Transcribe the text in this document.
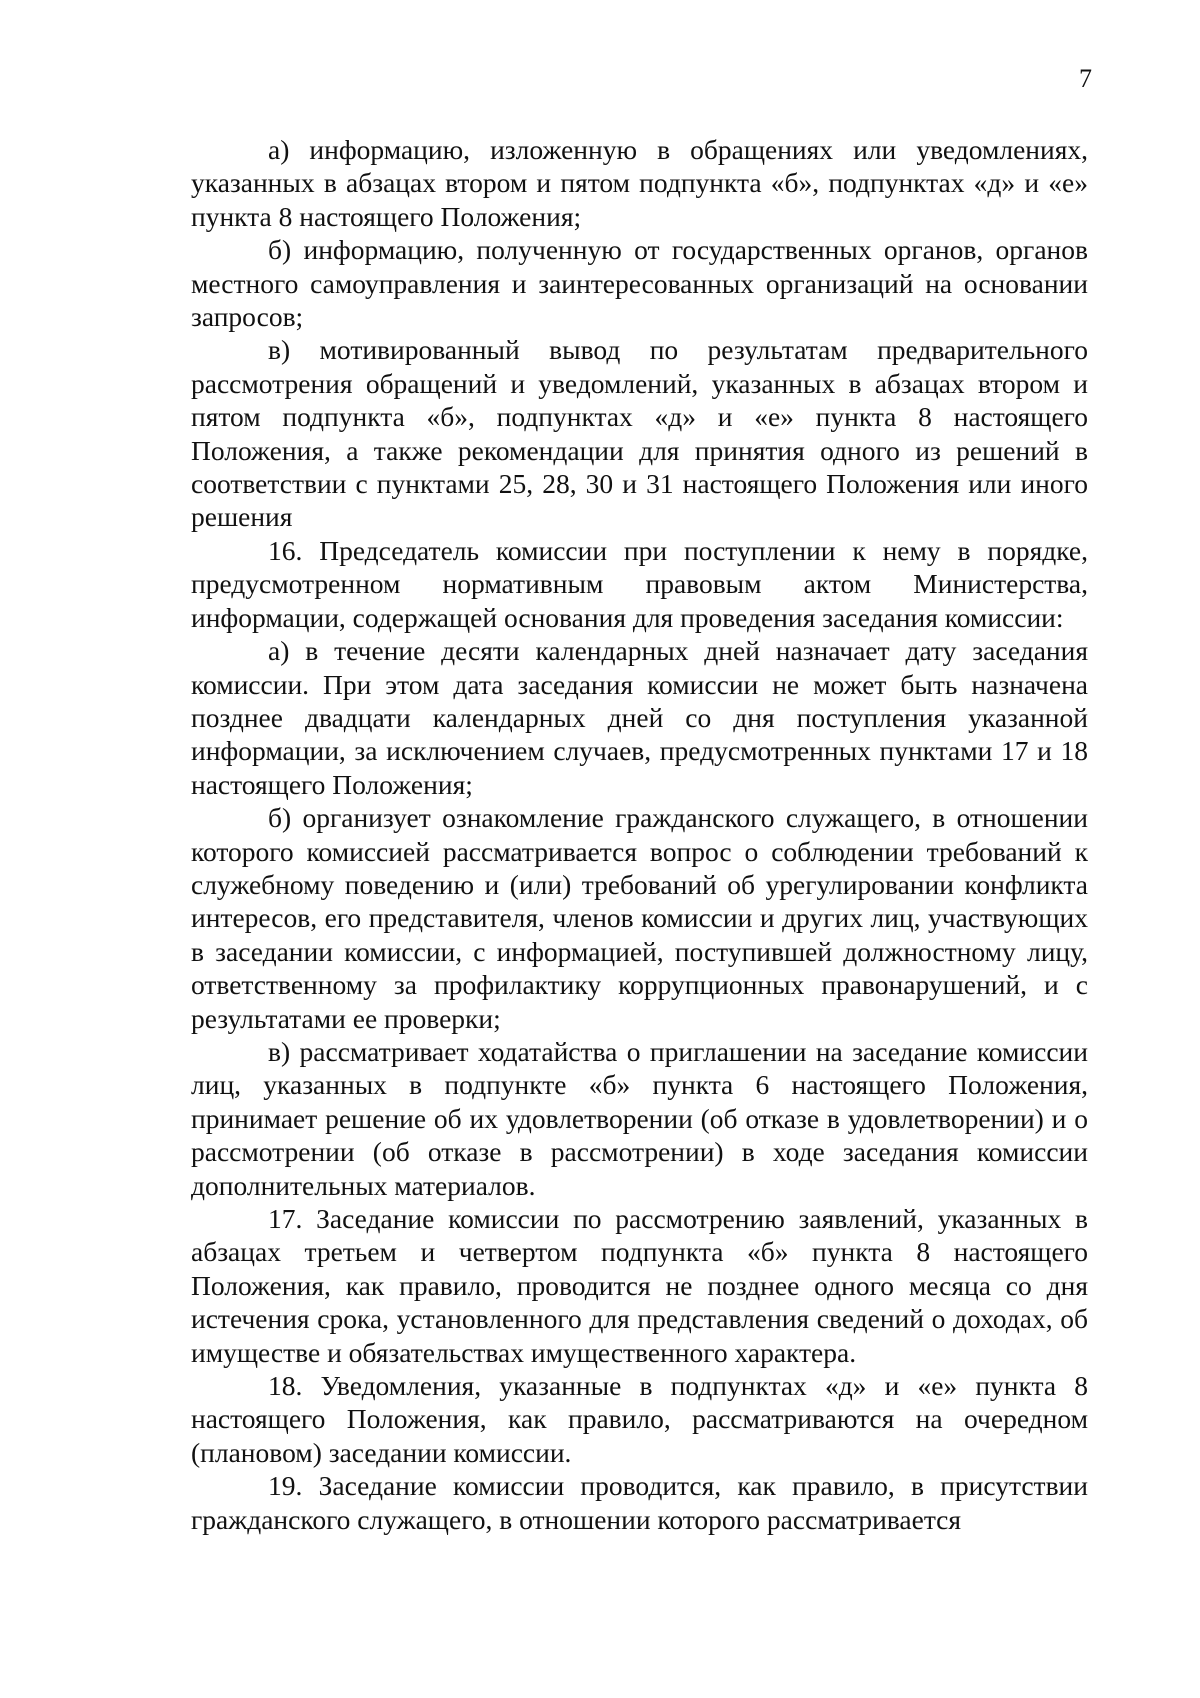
7

а) информацию, изложенную в обращениях или уведомлениях, указанных в абзацах втором и пятом подпункта «б», подпунктах «д» и «е» пункта 8 настоящего Положения;

б) информацию, полученную от государственных органов, органов местного самоуправления и заинтересованных организаций на основании запросов;

в) мотивированный вывод по результатам предварительного рассмотрения обращений и уведомлений, указанных в абзацах втором и пятом подпункта «б», подпунктах «д» и «е» пункта 8 настоящего Положения, а также рекомендации для принятия одного из решений в соответствии с пунктами 25, 28, 30 и 31 настоящего Положения или иного решения

16. Председатель комиссии при поступлении к нему в порядке, предусмотренном нормативным правовым актом Министерства, информации, содержащей основания для проведения заседания комиссии:

а) в течение десяти календарных дней назначает дату заседания комиссии. При этом дата заседания комиссии не может быть назначена позднее двадцати календарных дней со дня поступления указанной информации, за исключением случаев, предусмотренных пунктами 17 и 18 настоящего Положения;

б) организует ознакомление гражданского служащего, в отношении которого комиссией рассматривается вопрос о соблюдении требований к служебному поведению и (или) требований об урегулировании конфликта интересов, его представителя, членов комиссии и других лиц, участвующих в заседании комиссии, с информацией, поступившей должностному лицу, ответственному за профилактику коррупционных правонарушений, и с результатами ее проверки;

в) рассматривает ходатайства о приглашении на заседание комиссии лиц, указанных в подпункте «б» пункта 6 настоящего Положения, принимает решение об их удовлетворении (об отказе в удовлетворении) и о рассмотрении (об отказе в рассмотрении) в ходе заседания комиссии дополнительных материалов.

17. Заседание комиссии по рассмотрению заявлений, указанных в абзацах третьем и четвертом подпункта «б» пункта 8 настоящего Положения, как правило, проводится не позднее одного месяца со дня истечения срока, установленного для представления сведений о доходах, об имуществе и обязательствах имущественного характера.

18. Уведомления, указанные в подпунктах «д» и «е» пункта 8 настоящего Положения, как правило, рассматриваются на очередном (плановом) заседании комиссии.

19. Заседание комиссии проводится, как правило, в присутствии гражданского служащего, в отношении которого рассматривается
